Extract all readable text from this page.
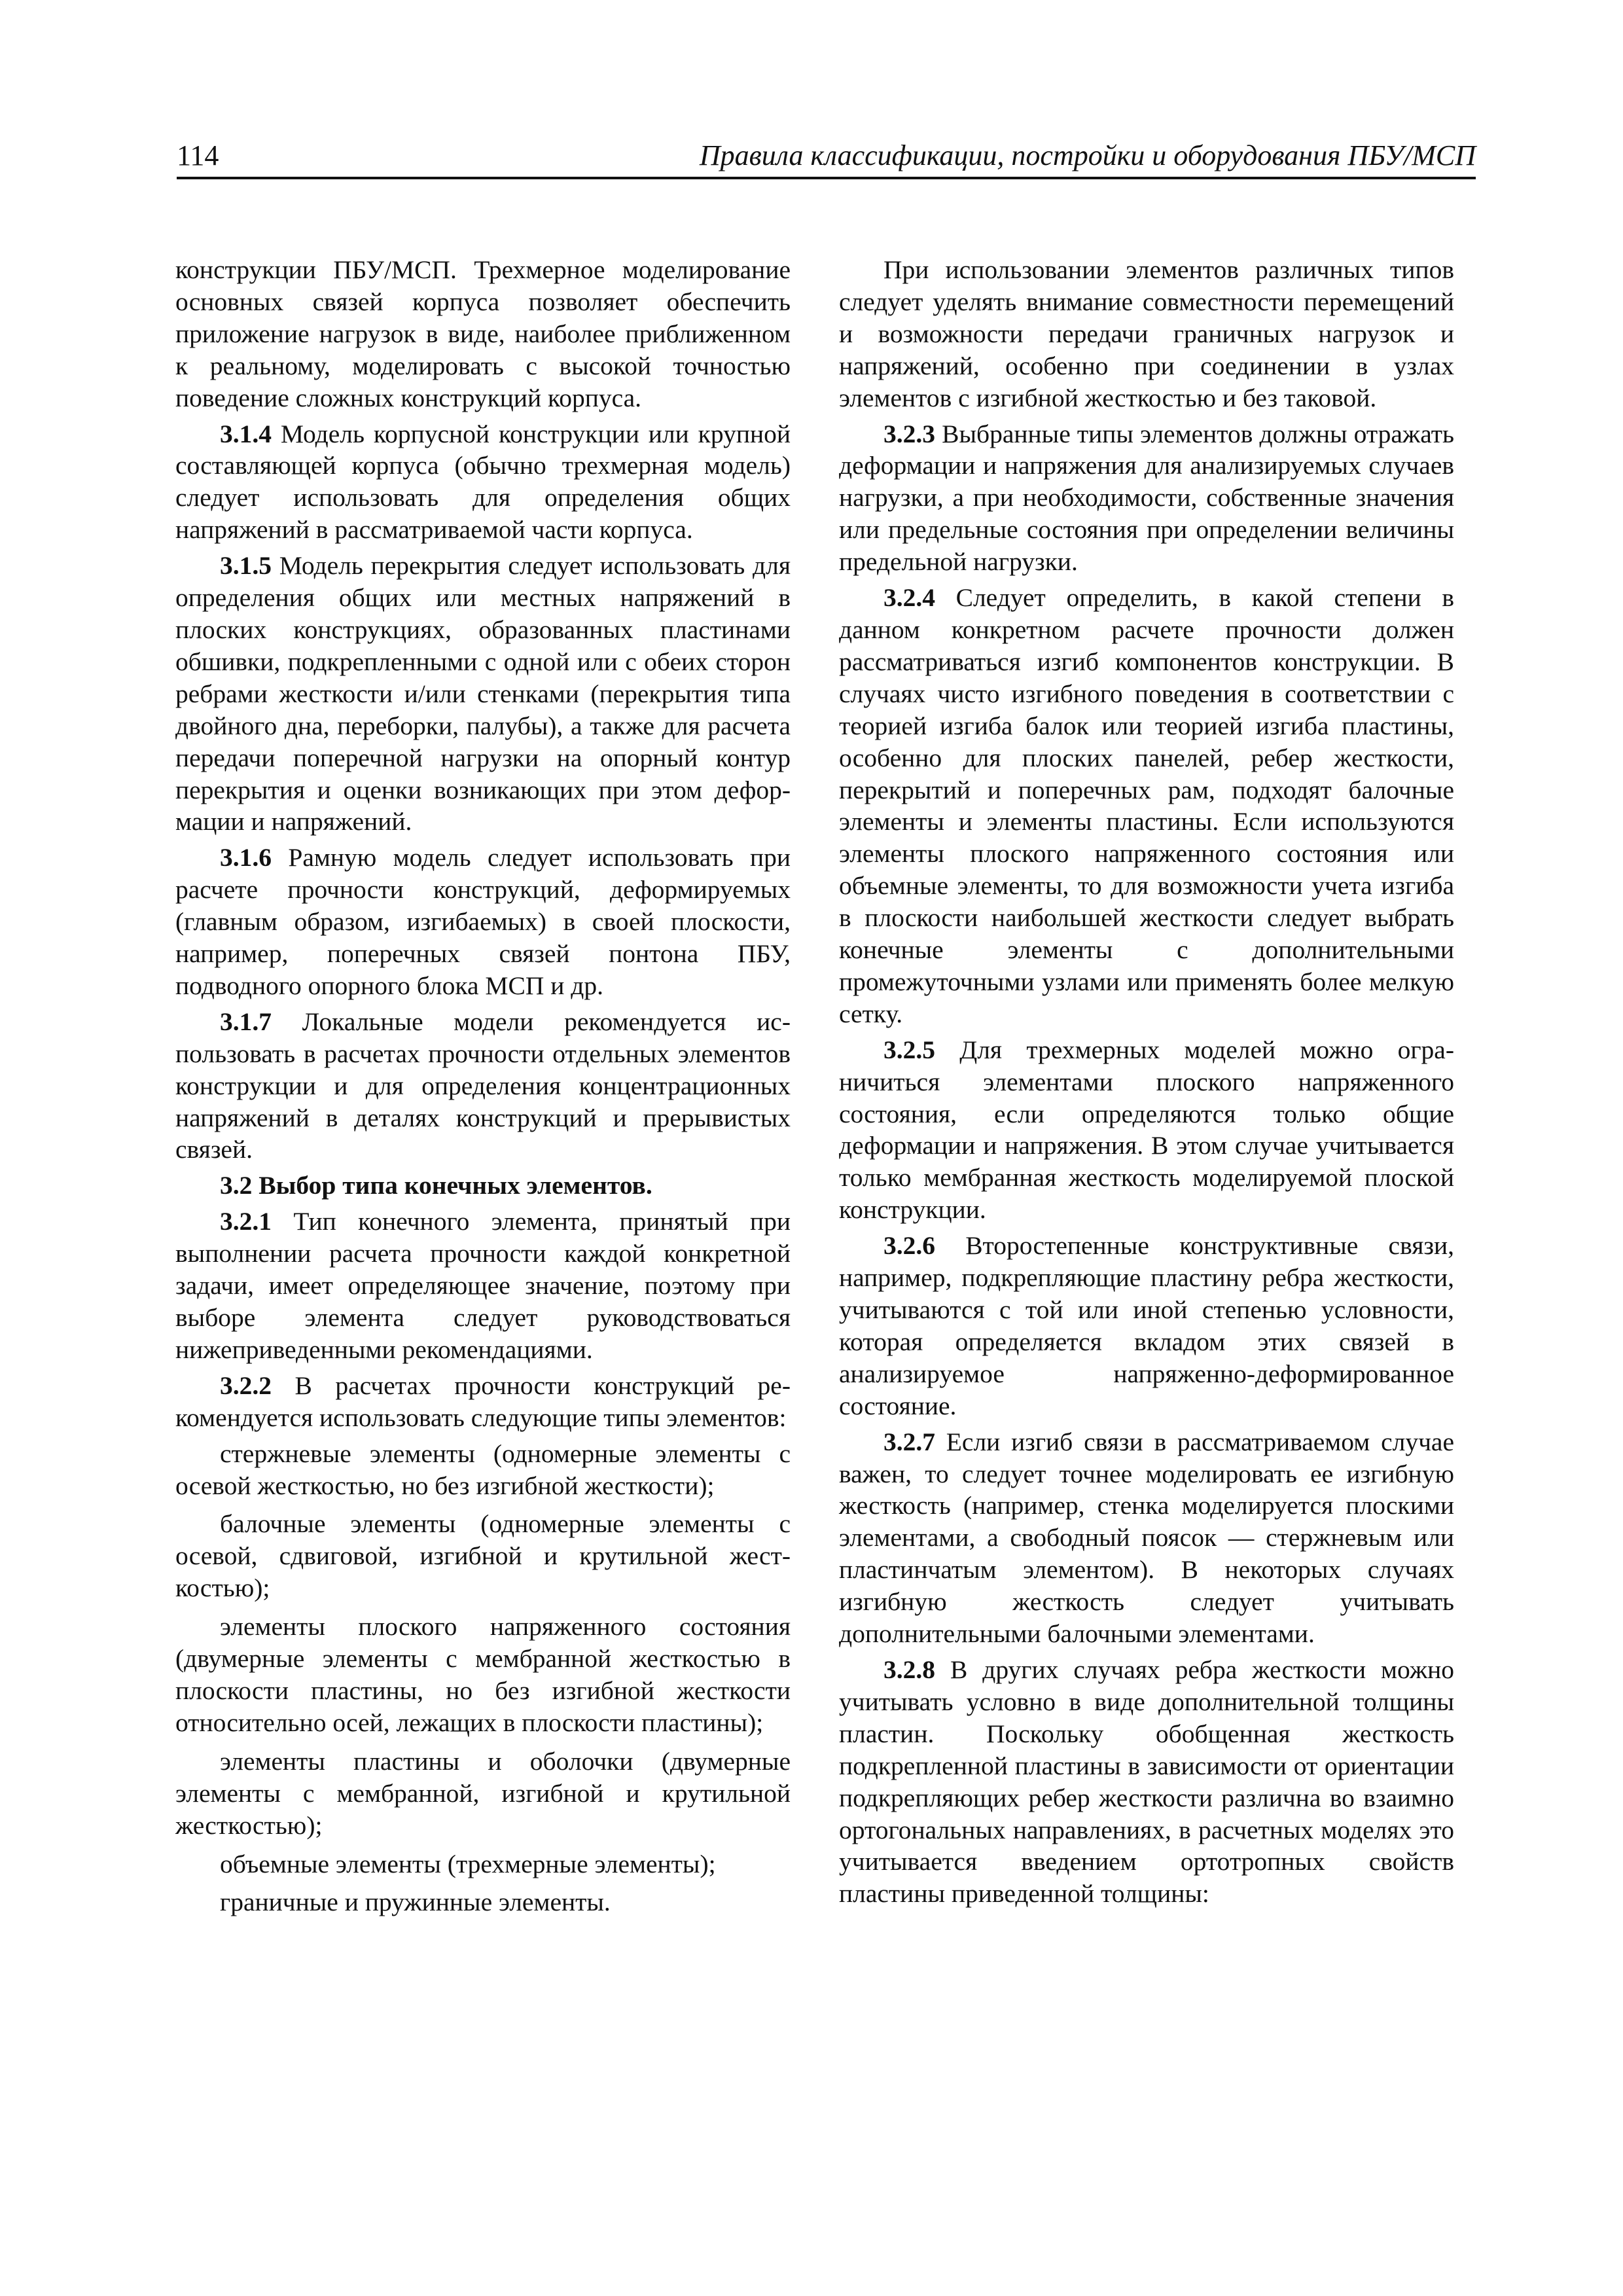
114	Правила классификации, постройки и оборудования ПБУ/МСП

конструкции ПБУ/МСП. Трехмерное моделирование основных связей корпуса позволяет обеспечить приложение нагрузок в виде, наиболее приближенном к реальному, моделировать с высокой точностью поведение сложных конструкций корпуса.

3.1.4 Модель корпусной конструкции или крупной составляющей корпуса (обычно трехмерная модель) следует использовать для определения общих напряжений в рассматриваемой части корпуса.

3.1.5 Модель перекрытия следует использовать для определения общих или местных напряжений в плоских конструкциях, образованных пластинами обшивки, подкрепленными с одной или с обеих сторон ребрами жесткости и/или стенками (перекрытия типа двойного дна, переборки, палубы), а также для расчета передачи поперечной нагрузки на опорный контур перекрытия и оценки возникающих при этом деформации и напряжений.

3.1.6 Рамную модель следует использовать при расчете прочности конструкций, деформируемых (главным образом, изгибаемых) в своей плоскости, например, поперечных связей понтона ПБУ, подводного опорного блока МСП и др.

3.1.7 Локальные модели рекомендуется использовать в расчетах прочности отдельных элементов конструкции и для определения концентрационных напряжений в деталях конструкций и прерывистых связей.

3.2 Выбор типа конечных элементов.

3.2.1 Тип конечного элемента, принятый при выполнении расчета прочности каждой конкретной задачи, имеет определяющее значение, поэтому при выборе элемента следует руководствоваться нижеприведенными рекомендациями.

3.2.2 В расчетах прочности конструкций рекомендуется использовать следующие типы элементов:

стержневые элементы (одномерные элементы с осевой жесткостью, но без изгибной жесткости);

балочные элементы (одномерные элементы с осевой, сдвиговой, изгибной и крутильной жесткостью);

элементы плоского напряженного состояния (двумерные элементы с мембранной жесткостью в плоскости пластины, но без изгибной жесткости относительно осей, лежащих в плоскости пластины);

элементы пластины и оболочки (двумерные элементы с мембранной, изгибной и крутильной жесткостью);

объемные элементы (трехмерные элементы);

граничные и пружинные элементы.

При использовании элементов различных типов следует уделять внимание совместности перемещений и возможности передачи граничных нагрузок и напряжений, особенно при соединении в узлах элементов с изгибной жесткостью и без таковой.

3.2.3 Выбранные типы элементов должны отражать деформации и напряжения для анализируемых случаев нагрузки, а при необходимости, собственные значения или предельные состояния при определении величины предельной нагрузки.

3.2.4 Следует определить, в какой степени в данном конкретном расчете прочности должен рассматриваться изгиб компонентов конструкции. В случаях чисто изгибного поведения в соответствии с теорией изгиба балок или теорией изгиба пластины, особенно для плоских панелей, ребер жесткости, перекрытий и поперечных рам, подходят балочные элементы и элементы пластины. Если используются элементы плоского напряженного состояния или объемные элементы, то для возможности учета изгиба в плоскости наибольшей жесткости следует выбрать конечные элементы с дополнительными промежуточными узлами или применять более мелкую сетку.

3.2.5 Для трехмерных моделей можно ограничиться элементами плоского напряженного состояния, если определяются только общие деформации и напряжения. В этом случае учитывается только мембранная жесткость моделируемой плоской конструкции.

3.2.6 Второстепенные конструктивные связи, например, подкрепляющие пластину ребра жесткости, учитываются с той или иной степенью условности, которая определяется вкладом этих связей в анализируемое напряженно-деформированное состояние.

3.2.7 Если изгиб связи в рассматриваемом случае важен, то следует точнее моделировать ее изгибную жесткость (например, стенка моделируется плоскими элементами, а свободный поясок — стержневым или пластинчатым элементом). В некоторых случаях изгибную жесткость следует учитывать дополнительными балочными элементами.

3.2.8 В других случаях ребра жесткости можно учитывать условно в виде дополнительной толщины пластин. Поскольку обобщенная жесткость подкрепленной пластины в зависимости от ориентации подкрепляющих ребер жесткости различна во взаимно ортогональных направлениях, в расчетных моделях это учитывается введением ортотропных свойств пластины приведенной толщины:
